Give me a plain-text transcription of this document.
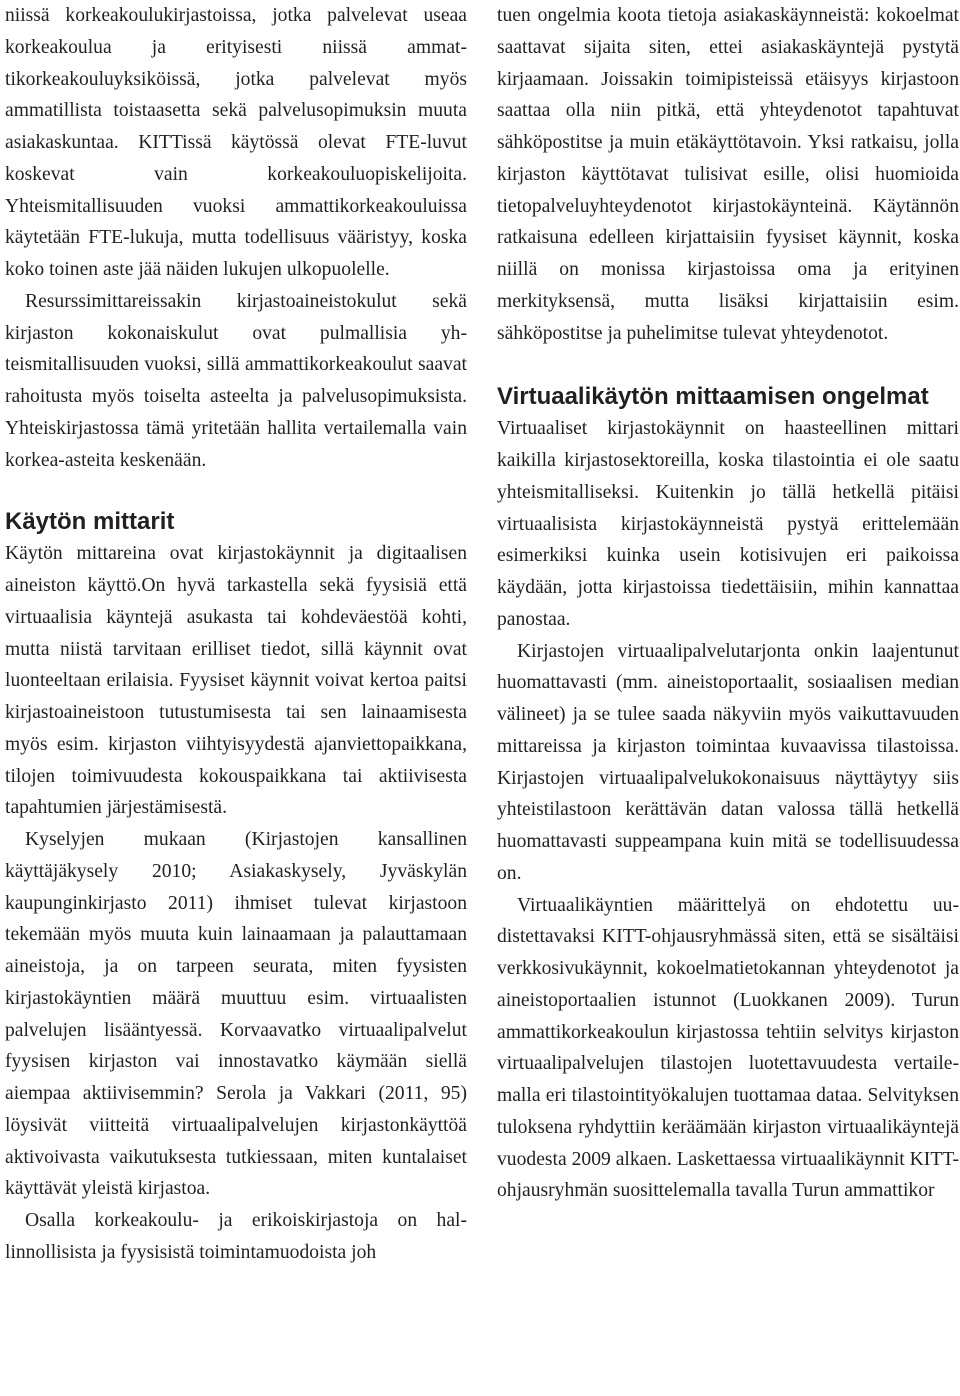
niissä korkeakoulukirjastoissa, jotka palvelevat useaa korkeakoulua ja erityisesti niissä ammattikorkeakouluyksiköissä, jotka palvelevat myös ammatillista toistaasetta sekä palvelusopimuksin muuta asiakaskuntaa. KITTissä käytössä olevat FTE-luvut koskevat vain korkeakouluopiskelijoita. Yhteismitallisuuden vuoksi ammattikorkeakouluissa käytetään FTE-lukuja, mutta todellisuus vääristyy, koska koko toinen aste jää näiden lukujen ulkopuolelle.

Resurssimittareissakin kirjastoaineistokulut sekä kirjaston kokonaiskulut ovat pulmallisia yhteismitallisuuden vuoksi, sillä ammattikorkeakoulut saavat rahoitusta myös toiselta asteelta ja palvelusopimuksista. Yhteiskirjastossa tämä yritetään hallita vertailemalla vain korkea-asteita keskenään.

Käytön mittarit

Käytön mittareina ovat kirjastokäynnit ja digitaalisen aineiston käyttö.On hyvä tarkastella sekä fyysisiä että virtuaalisia käyntejä asukasta tai kohdeväestöä kohti, mutta niistä tarvitaan erilliset tiedot, sillä käynnit ovat luonteeltaan erilaisia. Fyysiset käynnit voivat kertoa paitsi kirjastoaineistoon tutustumisesta tai sen lainaamisesta myös esim. kirjaston viihtyisyydestä ajanviettopaikkana, tilojen toimivuudesta kokouspaikkana tai aktiivisesta tapahtumien järjestämisestä.

Kyselyjen mukaan (Kirjastojen kansallinen käyttäjäkysely 2010; Asiakaskysely, Jyväskylän kaupunginkirjasto 2011) ihmiset tulevat kirjastoon tekemään myös muuta kuin lainaamaan ja palauttamaan aineistoja, ja on tarpeen seurata, miten fyysisten kirjastokäyntien määrä muuttuu esim. virtuaalisten palvelujen lisääntyessä. Korvaavatko virtuaalipalvelut fyysisen kirjaston vai innostavatko käymään siellä aiempaa aktiivisemmin? Serola ja Vakkari (2011, 95) löysivät viitteitä virtuaalipalvelujen kirjastonkäyttöä aktivoivasta vaikutuksesta tutkiessaan, miten kuntalaiset käyttävät yleistä kirjastoa.

Osalla korkeakoulu- ja erikoiskirjastoja on hallinnollisista ja fyysisistä toimintamuodoista joh

tuen ongelmia koota tietoja asiakaskäynneistä: kokoelmat saattavat sijaita siten, ettei asiakaskäyntejä pystytä kirjaamaan. Joissakin toimipisteissä etäisyys kirjastoon saattaa olla niin pitkä, että yhteydenotot tapahtuvat sähköpostitse ja muin etäkäyttötavoin. Yksi ratkaisu, jolla kirjaston käyttötavat tulisivat esille, olisi huomioida tietopalveluyhteydenotot kirjastokäynteinä. Käytännön ratkaisuna edelleen kirjattaisiin fyysiset käynnit, koska niillä on monissa kirjastoissa oma ja erityinen merkityksensä, mutta lisäksi kirjattaisiin esim. sähköpostitse ja puhelimitse tulevat yhteydenotot.

Virtuaalikäytön mittaamisen ongelmat

Virtuaaliset kirjastokäynnit on haasteellinen mittari kaikilla kirjastosektoreilla, koska tilastointia ei ole saatu yhteismitalliseksi. Kuitenkin jo tällä hetkellä pitäisi virtuaalisista kirjastokäynneistä pystyä erittelemään esimerkiksi kuinka usein kotisivujen eri paikoissa käydään, jotta kirjastoissa tiedettäisiin, mihin kannattaa panostaa.

Kirjastojen virtuaalipalvelutarjonta onkin laajentunut huomattavasti (mm. aineistoportaalit, sosiaalisen median välineet) ja se tulee saada näkyviin myös vaikuttavuuden mittareissa ja kirjaston toimintaa kuvaavissa tilastoissa. Kirjastojen virtuaalipalvelukokonaisuus näyttäytyy siis yhteistilastoon kerättävän datan valossa tällä hetkellä huomattavasti suppeampana kuin mitä se todellisuudessa on.

Virtuaalikäyntien määrittelyä on ehdotettu uudistettavaksi KITT-ohjausryhmässä siten, että se sisältäisi verkkosivukäynnit, kokoelmatietokannan yhteydenotot ja aineistoportaalien istunnot (Luokkanen 2009). Turun ammattikorkeakoulun kirjastossa tehtiin selvitys kirjaston virtuaalipalvelujen tilastojen luotettavuudesta vertailemalla eri tilastointityökalujen tuottamaa dataa. Selvityksen tuloksena ryhdyttiin keräämään kirjaston virtuaalikäyntejä vuodesta 2009 alkaen. Laskettaessa virtuaalikäynnit KITT-ohjausryhmän suosittelemalla tavalla Turun ammattikor
